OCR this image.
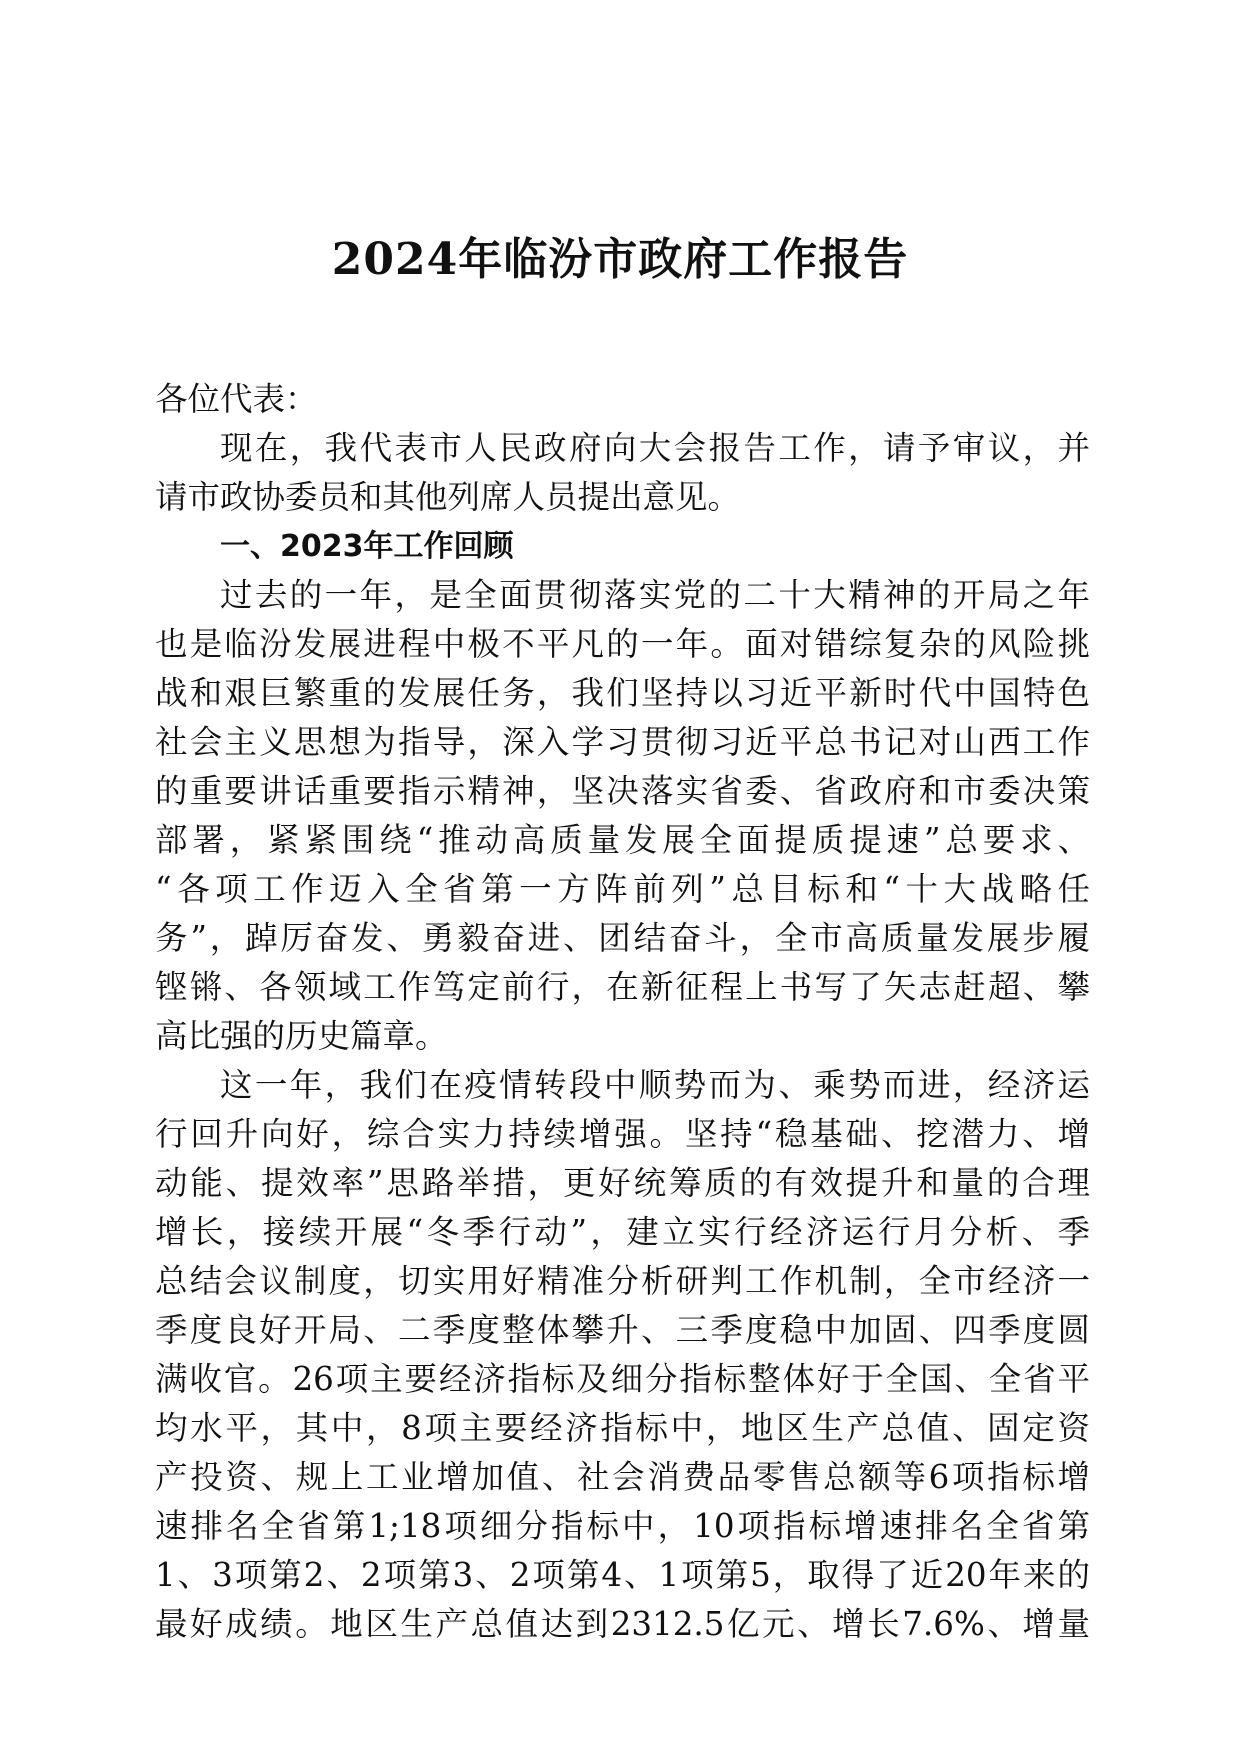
2024年临汾市政府工作报告
各位代表：
现在，我代表市人民政府向大会报告工作，请予审议，并
请市政协委员和其他列席人员提出意见。
一、2023年工作回顾
过去的一年，是全面贯彻落实党的二十大精神的开局之年
也是临汾发展进程中极不平凡的一年。面对错综复杂的风险挑
战和艰巨繁重的发展任务，我们坚持以习近平新时代中国特色
社会主义思想为指导，深入学习贯彻习近平总书记对山西工作
的重要讲话重要指示精神，坚决落实省委、省政府和市委决策
部署，紧紧围绕“推动高质量发展全面提质提速”总要求、
“各项工作迈入全省第一方阵前列”总目标和“十大战略任
务”，踔厉奋发、勇毅奋进、团结奋斗，全市高质量发展步履
铿锵、各领域工作笃定前行，在新征程上书写了矢志赶超、攀
高比强的历史篇章。
这一年，我们在疫情转段中顺势而为、乘势而进，经济运
行回升向好，综合实力持续增强。坚持“稳基础、挖潜力、增
动能、提效率”思路举措，更好统筹质的有效提升和量的合理
增长，接续开展“冬季行动”，建立实行经济运行月分析、季
总结会议制度，切实用好精准分析研判工作机制，全市经济一
季度良好开局、二季度整体攀升、三季度稳中加固、四季度圆
满收官。26项主要经济指标及细分指标整体好于全国、全省平
均水平，其中，8项主要经济指标中，地区生产总值、固定资
产投资、规上工业增加值、社会消费品零售总额等6项指标增
速排名全省第1;18项细分指标中，10项指标增速排名全省第
1、3项第2、2项第3、2项第4、1项第5，取得了近20年来的
最好成绩。地区生产总值达到2312.5亿元、增长7.6%、增量
